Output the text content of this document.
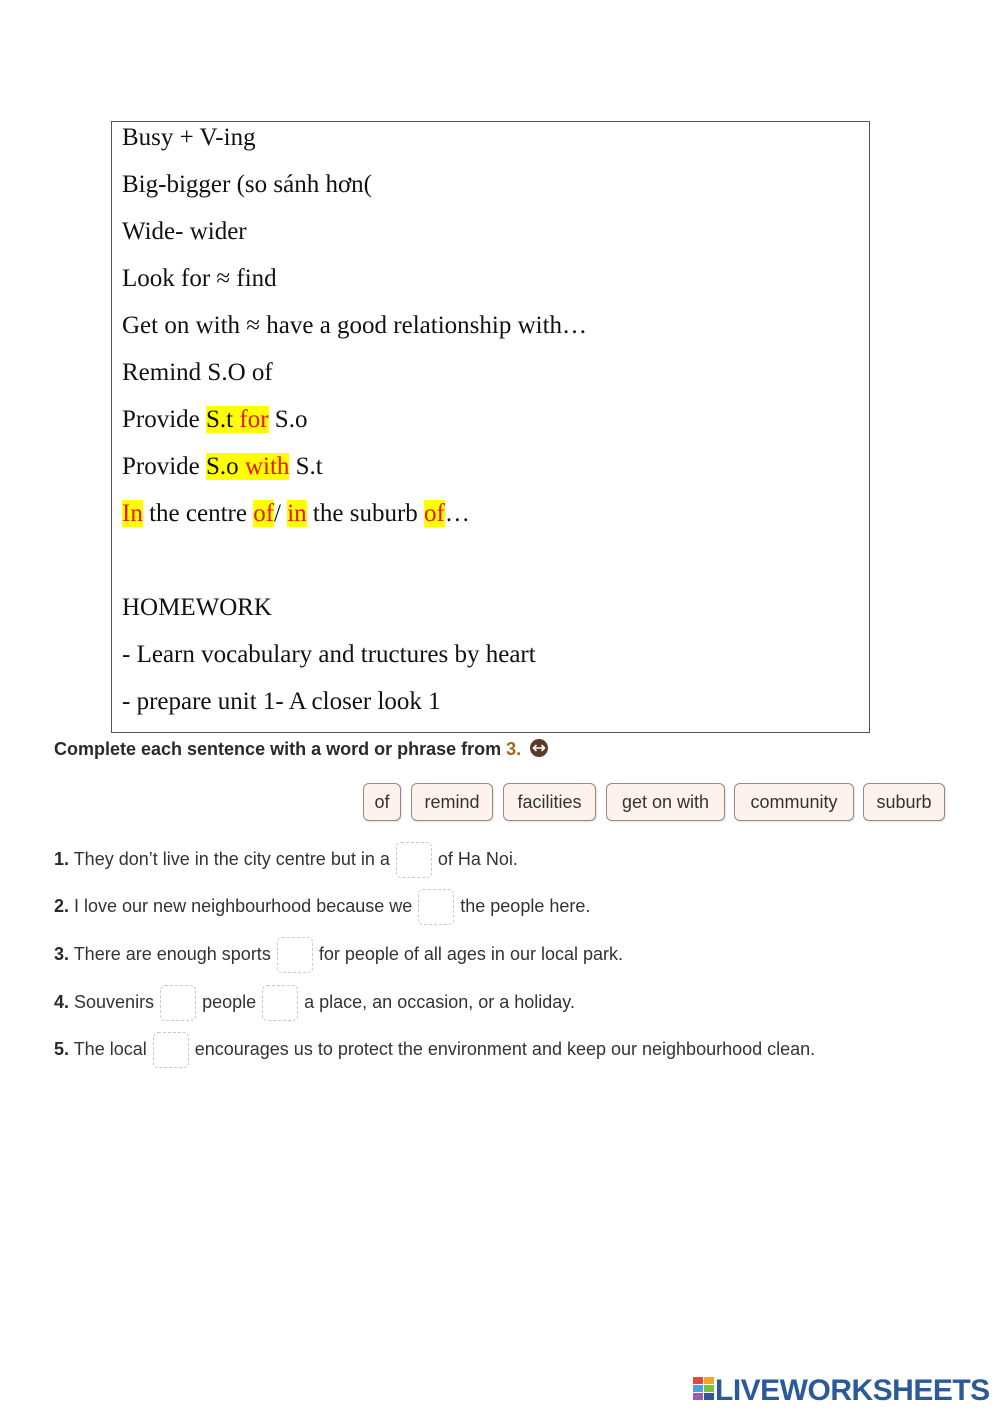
Busy + V-ing
Big-bigger (so sánh hơn(
Wide- wider
Look for ≈ find
Get on with ≈ have a good relationship with…
Remind S.O of
Provide S.t for S.o
Provide S.o with S.t
In the centre of/ in the suburb of…
HOMEWORK
- Learn vocabulary and tructures by heart
- prepare unit 1- A closer look 1
Complete each sentence with a word or phrase from 3.
of	remind	facilities	get on with	community	suburb
1. They don’t live in the city centre but in a	of Ha Noi.
2. I love our new neighbourhood because we	the people here.
3. There are enough sports	for people of all ages in our local park.
4. Souvenirs	people	a place, an occasion, or a holiday.
5. The local	encourages us to protect the environment and keep our neighbourhood clean.
LIVEWORKSHEETS
